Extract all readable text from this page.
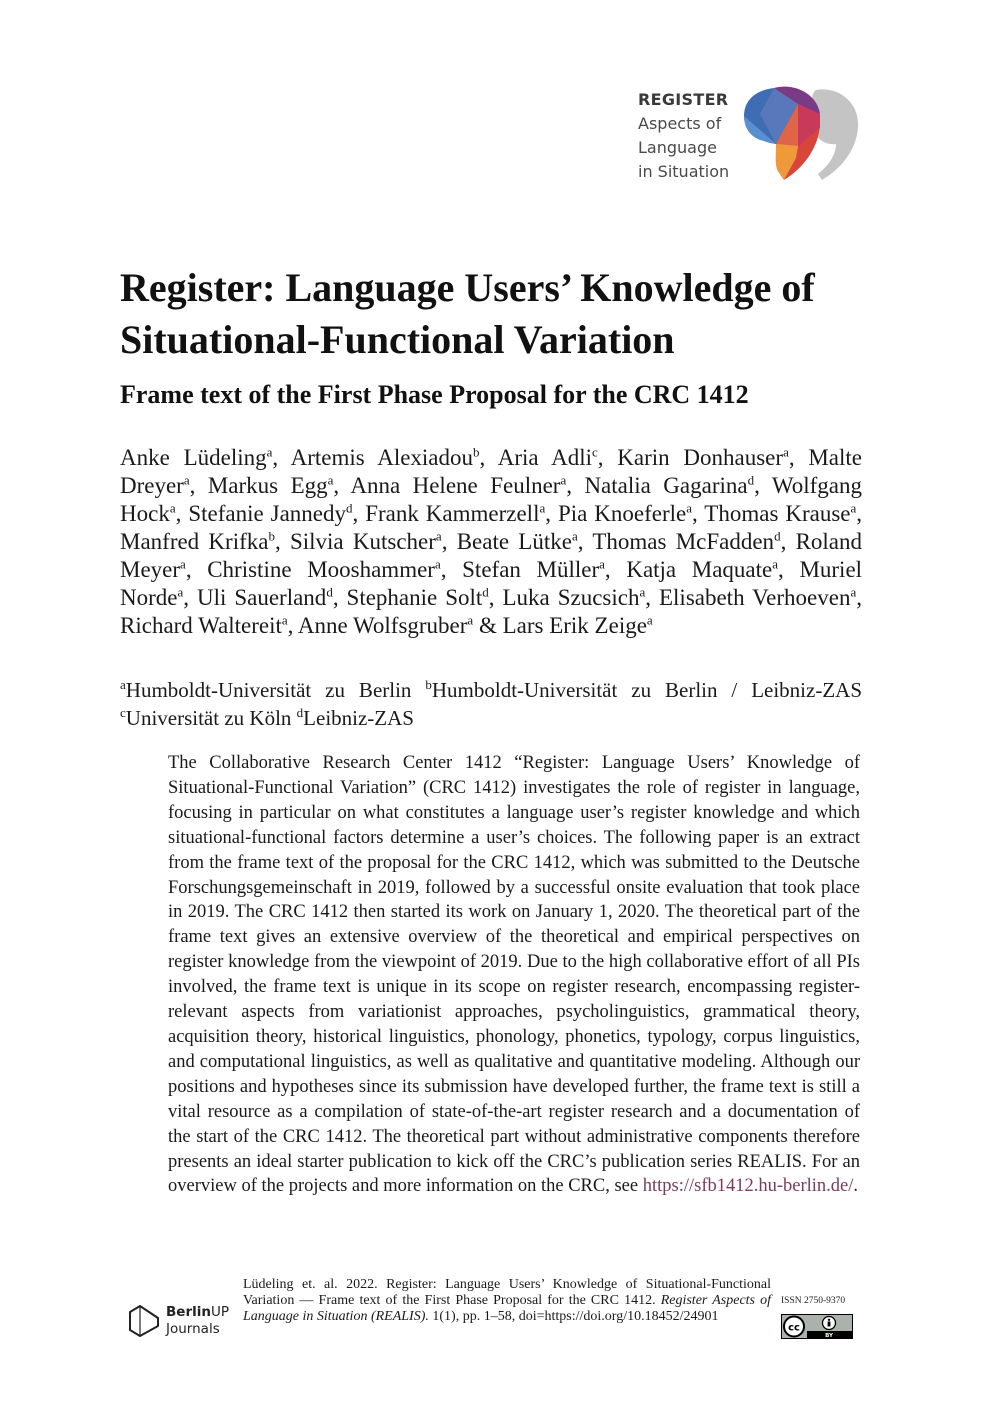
REGISTER
Aspects of
Language
in Situation
Register: Language Users’ Knowledge of Situational-Functional Variation
Frame text of the First Phase Proposal for the CRC 1412
Anke Lüdeling$^a$, Artemis Alexiadou$^b$, Aria Adli$^c$, Karin Donhauser$^a$, Malte Dreyer$^a$, Markus Egg$^a$, Anna Helene Feulner$^a$, Natalia Gagarina$^d$, Wolfgang Hock$^a$, Stefanie Jannedy$^d$, Frank Kammerzell$^a$, Pia Knoeferle$^a$, Thomas Krause$^a$, Manfred Krifka$^b$, Silvia Kutscher$^a$, Beate Lütke$^a$, Thomas McFadden$^d$, Roland Meyer$^a$, Christine Mooshammer$^a$, Stefan Müller$^a$, Katja Maquate$^a$, Muriel Norde$^a$, Uli Sauerland$^d$, Stephanie Solt$^d$, Luka Szucsich$^a$, Elisabeth Verhoeven$^a$, Richard Waltereit$^a$, Anne Wolfsgruber$^a$ & Lars Erik Zeige$^a$
$^a$Humboldt-Universität zu Berlin $^b$Humboldt-Universität zu Berlin / Leibniz-ZAS $^c$Universität zu Köln $^d$Leibniz-ZAS

The Collaborative Research Center 1412 “Register: Language Users’ Knowledge of Situational-Functional Variation” (CRC 1412) investigates the role of register in language, focusing in particular on what constitutes a language user’s register knowledge and which situational-functional factors determine a user’s choices. The following paper is an extract from the frame text of the proposal for the CRC 1412, which was submitted to the Deutsche Forschungsgemeinschaft in 2019, followed by a successful onsite evaluation that took place in 2019. The CRC 1412 then started its work on January 1, 2020. The theoretical part of the frame text gives an extensive overview of the theoretical and empirical perspectives on register knowledge from the viewpoint of 2019. Due to the high collaborative effort of all PIs involved, the frame text is unique in its scope on register research, encompassing register-relevant aspects from variationist approaches, psycholinguistics, grammatical theory, acquisition theory, historical linguistics, phonology, phonetics, typology, corpus linguistics, and computational linguistics, as well as qualitative and quantitative modeling. Although our positions and hypotheses since its submission have developed further, the frame text is still a vital resource as a compilation of state-of-the-art register research and a documentation of the start of the CRC 1412. The theoretical part without administrative components therefore presents an ideal starter publication to kick off the CRC’s publication series REALIS. For an overview of the projects and more information on the CRC, see https://sfb1412.hu-berlin.de/.

BerlinUP
Journals
Lüdeling et. al. 2022. Register: Language Users’ Knowledge of Situational-Functional Variation — Frame text of the First Phase Proposal for the CRC 1412. Register Aspects of Language in Situation (REALIS). 1(1), pp. 1–58, doi=https://doi.org/10.18452/24901
ISSN 2750-9370
cc
BY
